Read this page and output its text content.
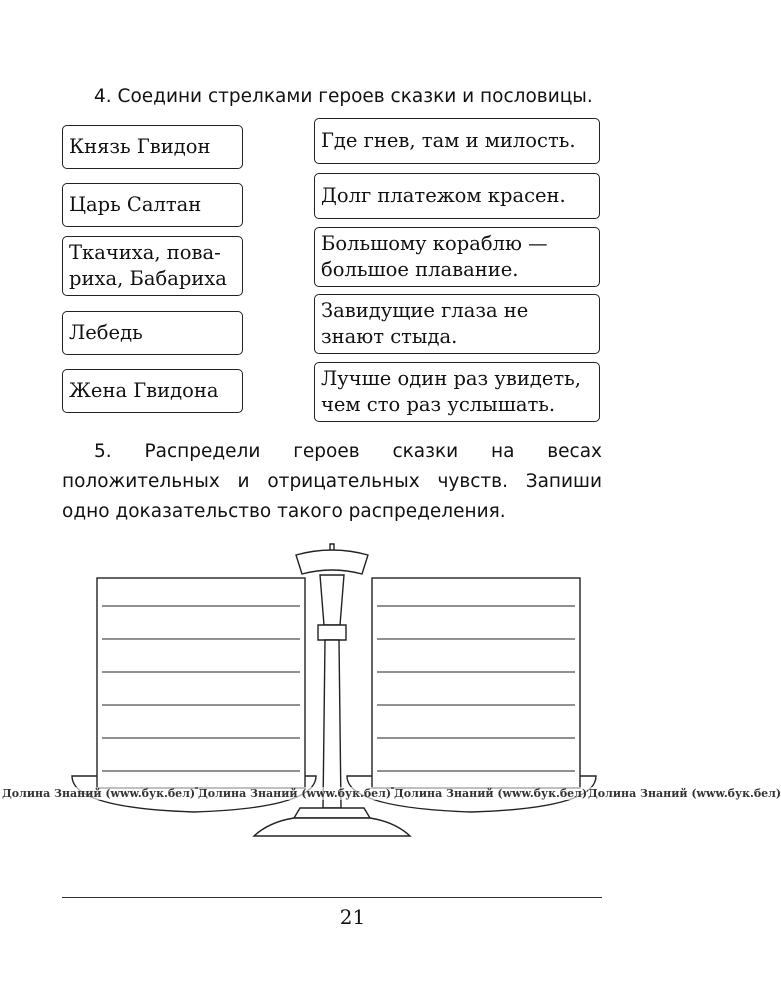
4. Соедини стрелками героев сказки и пословицы.
Князь Гвидон
Царь Салтан
Ткачиха, пова-
риха, Бабариха
Лебедь
Жена Гвидона
Где гнев, там и милость.
Долг платежом красен.
Большому кораблю —
большое плавание.
Завидущие глаза не
знают стыда.
Лучше один раз увидеть,
чем сто раз услышать.
5. Распредели героев сказки на весах положительных и отрицательных чувств. Запиши одно доказательство такого распределения.
Долина Знаний (www.бук.бел) Долина Знаний (www.бук.бел) Долина Знаний (www.бук.бел) Долина Знаний (www.бук.бел)
21
